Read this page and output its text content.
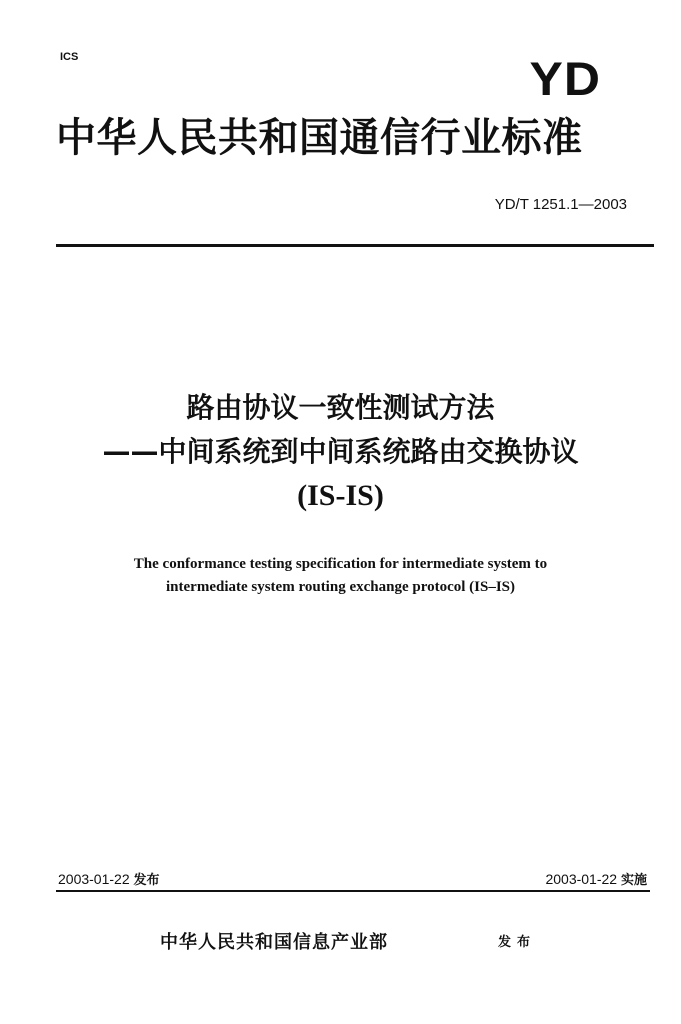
ICS	YD
中华人民共和国通信行业标准
YD/T 1251.1—2003
路由协议一致性测试方法
——中间系统到中间系统路由交换协议
(IS-IS)
The conformance testing specification for intermediate system to
intermediate system routing exchange protocol (IS–IS)
2003-01-22 发布	2003-01-22 实施
中华人民共和国信息产业部	发布
